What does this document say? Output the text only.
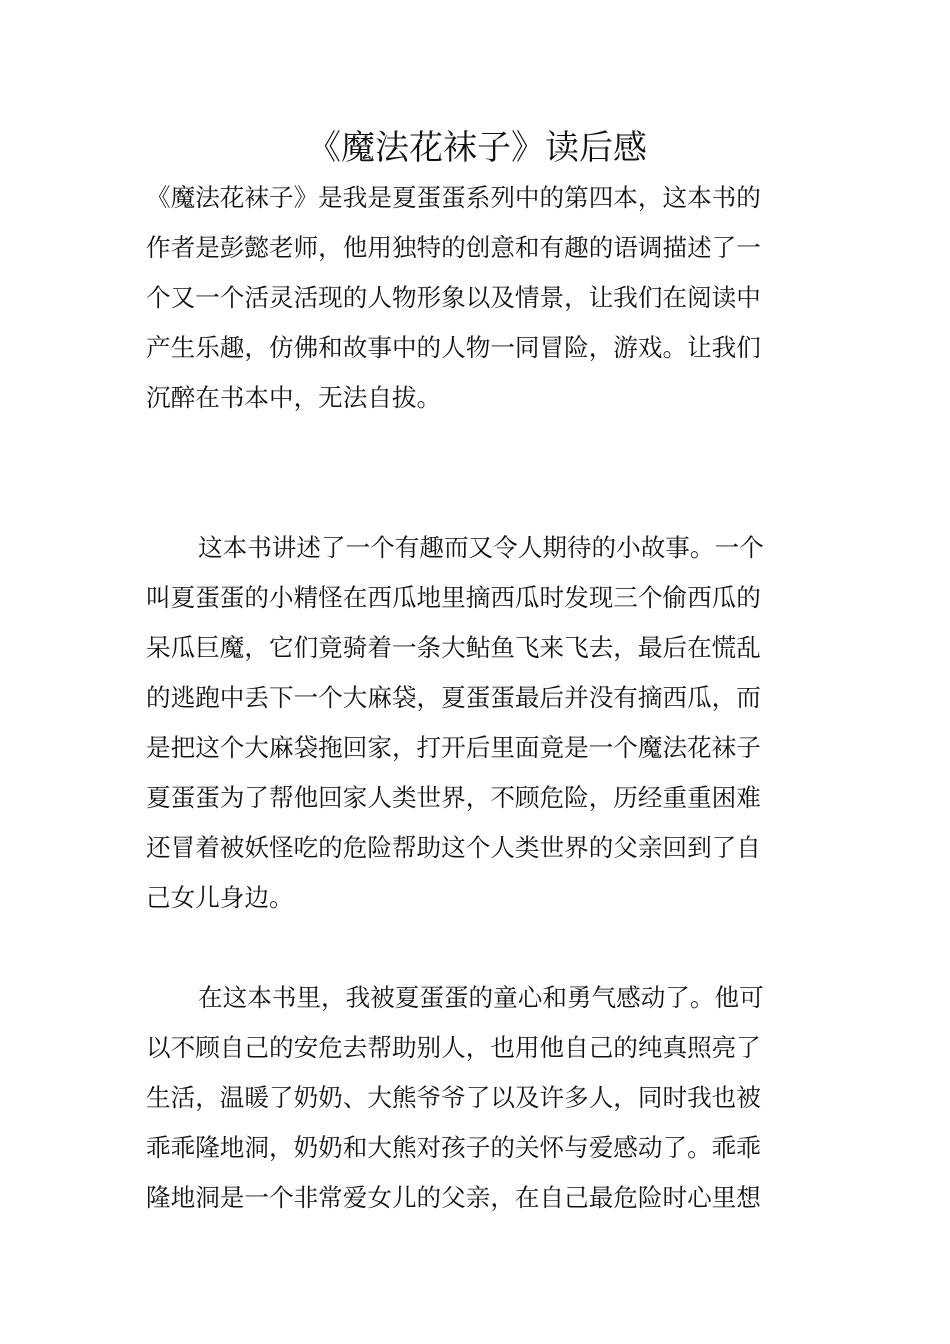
《魔法花袜子》读后感

《魔法花袜子》是我是夏蛋蛋系列中的第四本，这本书的

作者是彭懿老师，他用独特的创意和有趣的语调描述了一

个又一个活灵活现的人物形象以及情景，让我们在阅读中

产生乐趣，仿佛和故事中的人物一同冒险，游戏。让我们

沉醉在书本中，无法自拔。

这本书讲述了一个有趣而又令人期待的小故事。一个

叫夏蛋蛋的小精怪在西瓜地里摘西瓜时发现三个偷西瓜的

呆瓜巨魔，它们竟骑着一条大鲇鱼飞来飞去，最后在慌乱

的逃跑中丢下一个大麻袋，夏蛋蛋最后并没有摘西瓜，而

是把这个大麻袋拖回家，打开后里面竟是一个魔法花袜子

夏蛋蛋为了帮他回家人类世界，不顾危险，历经重重困难

还冒着被妖怪吃的危险帮助这个人类世界的父亲回到了自

己女儿身边。

在这本书里，我被夏蛋蛋的童心和勇气感动了。他可

以不顾自己的安危去帮助别人，也用他自己的纯真照亮了

生活，温暖了奶奶、大熊爷爷了以及许多人，同时我也被

乖乖隆地洞，奶奶和大熊对孩子的关怀与爱感动了。乖乖

隆地洞是一个非常爱女儿的父亲，在自己最危险时心里想
